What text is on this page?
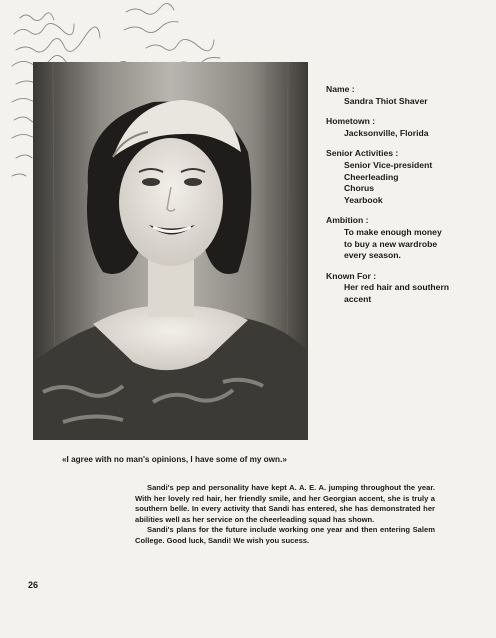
Name :
Sandra Thiot Shaver
Hometown :
Jacksonville, Florida
Senior Activities :
Senior Vice-president
Cheerleading
Chorus
Yearbook
Ambition :
To make enough money
to buy a new wardrobe
every season.
Known For :
Her red hair and southern
accent
«I agree with no man's opinions, I have some of my own.»

Sandi's pep and personality have kept A. A. E. A. jumping throughout the year. With her lovely red hair, her friendly smile, and her Georgian accent, she is truly a southern belle. In every activity that Sandi has entered, she has demonstrated her abilities well as her service on the cheerleading squad has shown.

Sandi's plans for the future include working one year and then entering Salem College. Good luck, Sandi! We wish you sucess.

26
